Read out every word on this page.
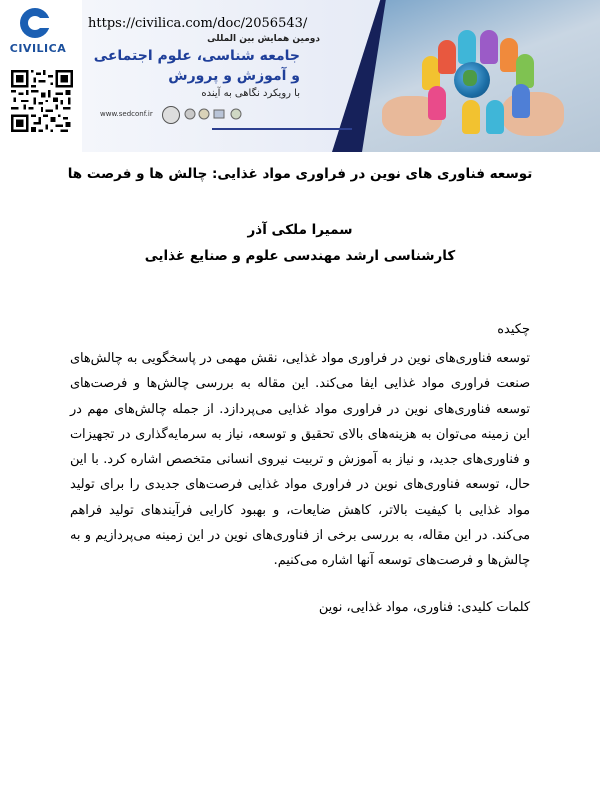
CIVILICA
دومین همایش بین المللی
جامعه شناسی، علوم اجتماعی
و آموزش و پرورش
با رویکرد نگاهی به آینده
www.sedconf.ir
https://civilica.com/doc/2056543/
توسعه فناوری های نوین در فراوری مواد غذایی: چالش ها و فرصت ها
سمیرا ملکی آذر
کارشناسی ارشد مهندسی علوم و صنایع غذایی
چکیده

توسعه فناوری‌های نوین در فراوری مواد غذایی، نقش مهمی در پاسخگویی به چالش‌های صنعت فراوری مواد غذایی ایفا می‌کند. این مقاله به بررسی چالش‌ها و فرصت‌های توسعه فناوری‌های نوین در فراوری مواد غذایی می‌پردازد. از جمله چالش‌های مهم در این زمینه می‌توان به هزینه‌های بالای تحقیق و توسعه، نیاز به سرمایه‌گذاری در تجهیزات و فناوری‌های جدید، و نیاز به آموزش و تربیت نیروی انسانی متخصص اشاره کرد. با این حال، توسعه فناوری‌های نوین در فراوری مواد غذایی فرصت‌های جدیدی را برای تولید مواد غذایی با کیفیت بالاتر، کاهش ضایعات، و بهبود کارایی فرآیندهای تولید فراهم می‌کند. در این مقاله، به بررسی برخی از فناوری‌های نوین در این زمینه می‌پردازیم و به چالش‌ها و فرصت‌های توسعه آنها اشاره می‌کنیم.

کلمات کلیدی: فناوری، مواد غذایی، نوین
